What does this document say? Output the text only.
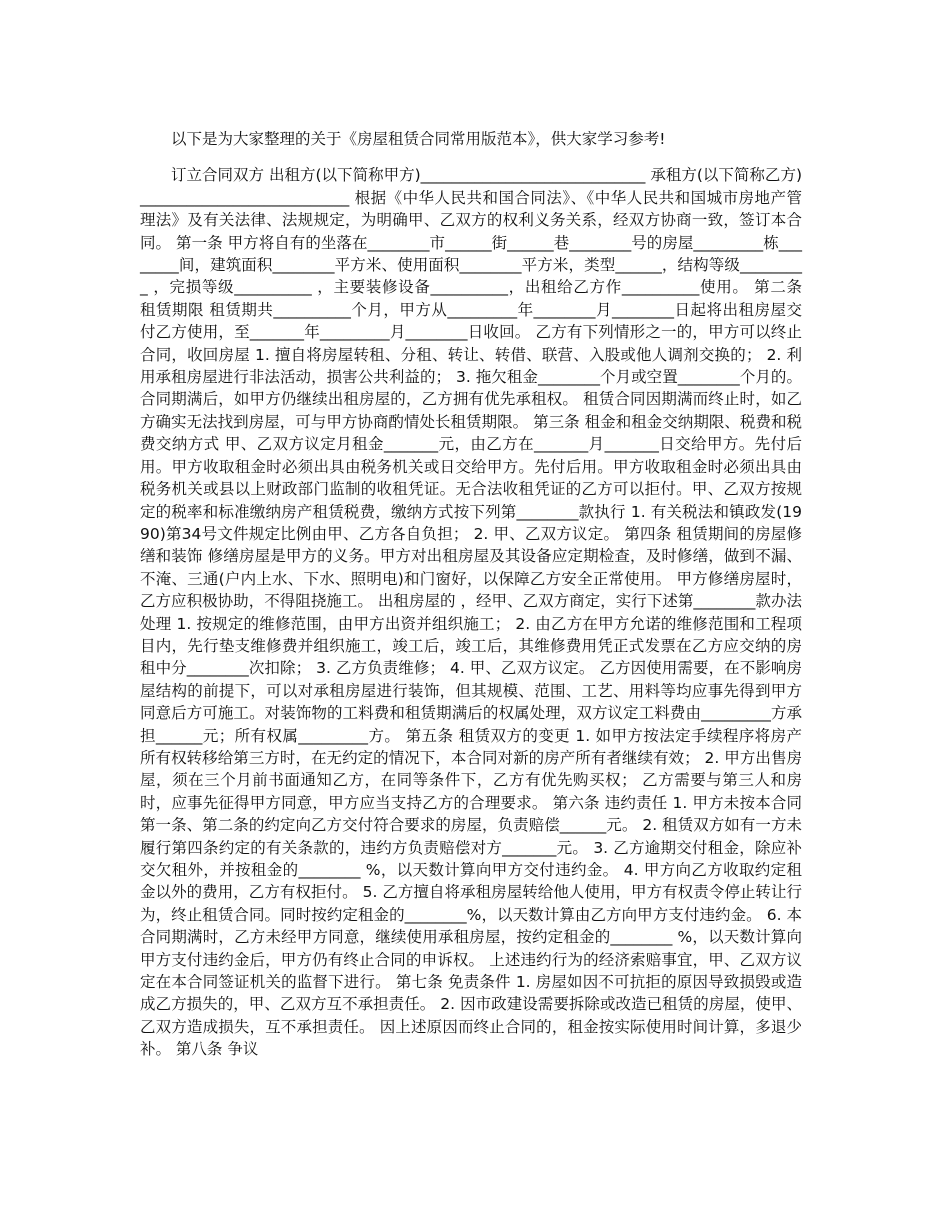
以下是为大家整理的关于《房屋租赁合同常用版范本》，供大家学习参考!

订立合同双方 出租方(以下简称甲方)_____________________________ 承租方(以下简称乙方)___________________________ 根据《中华人民共和国合同法》、《中华人民共和国城市房地产管理法》及有关法律、法规规定，为明确甲、乙双方的权利义务关系，经双方协商一致，签订本合同。 第一条 甲方将自有的坐落在________市______街______巷________号的房屋_________栋________间，建筑面积________平方米、使用面积________平方米，类型______，结构等级_________ ，完损等级__________ ，主要装修设备__________，出租给乙方作__________使用。 第二条 租赁期限 租赁期共__________个月，甲方从_________年________月________日起将出租房屋交付乙方使用，至_______年_________月________日收回。 乙方有下列情形之一的，甲方可以终止合同，收回房屋 1. 擅自将房屋转租、分租、转让、转借、联营、入股或他人调剂交换的； 2. 利用承租房屋进行非法活动，损害公共利益的； 3. 拖欠租金________个月或空置________个月的。 合同期满后，如甲方仍继续出租房屋的，乙方拥有优先承租权。 租赁合同因期满而终止时，如乙方确实无法找到房屋，可与甲方协商酌情处长租赁期限。 第三条 租金和租金交纳期限、税费和税费交纳方式 甲、乙双方议定月租金_______元，由乙方在_______月_______日交给甲方。先付后用。甲方收取租金时必须出具由税务机关或日交给甲方。先付后用。甲方收取租金时必须出具由税务机关或县以上财政部门监制的收租凭证。无合法收租凭证的乙方可以拒付。甲、乙双方按规定的税率和标准缴纳房产租赁税费，缴纳方式按下列第________款执行 1. 有关税法和镇政发(1990)第34号文件规定比例由甲、乙方各自负担； 2. 甲、乙双方议定。 第四条 租赁期间的房屋修缮和装饰 修缮房屋是甲方的义务。甲方对出租房屋及其设备应定期检查，及时修缮，做到不漏、不淹、三通(户内上水、下水、照明电)和门窗好，以保障乙方安全正常使用。 甲方修缮房屋时，乙方应积极协助，不得阻挠施工。 出租房屋的 ，经甲、乙双方商定，实行下述第________款办法处理 1. 按规定的维修范围，由甲方出资并组织施工； 2. 由乙方在甲方允诺的维修范围和工程项目内，先行垫支维修费并组织施工，竣工后，竣工后，其维修费用凭正式发票在乙方应交纳的房租中分________次扣除； 3. 乙方负责维修； 4. 甲、乙双方议定。 乙方因使用需要，在不影响房屋结构的前提下，可以对承租房屋进行装饰，但其规模、范围、工艺、用料等均应事先得到甲方同意后方可施工。对装饰物的工料费和租赁期满后的权属处理，双方议定工料费由_________方承担______元；所有权属_________方。 第五条 租赁双方的变更 1. 如甲方按法定手续程序将房产所有权转移给第三方时，在无约定的情况下，本合同对新的房产所有者继续有效； 2. 甲方出售房屋，须在三个月前书面通知乙方，在同等条件下，乙方有优先购买权； 乙方需要与第三人和房时，应事先征得甲方同意，甲方应当支持乙方的合理要求。 第六条 违约责任 1. 甲方未按本合同第一条、第二条的约定向乙方交付符合要求的房屋，负责赔偿______元。 2. 租赁双方如有一方未履行第四条约定的有关条款的，违约方负责赔偿对方_______元。 3. 乙方逾期交付租金，除应补交欠租外，并按租金的________ %，以天数计算向甲方交付违约金。 4. 甲方向乙方收取约定租金以外的费用，乙方有权拒付。 5. 乙方擅自将承租房屋转给他人使用，甲方有权责令停止转让行为，终止租赁合同。同时按约定租金的________%，以天数计算由乙方向甲方支付违约金。 6. 本合同期满时，乙方未经甲方同意，继续使用承租房屋，按约定租金的________ %，以天数计算向甲方支付违约金后，甲方仍有终止合同的申诉权。 上述违约行为的经济索赔事宜，甲、乙双方议定在本合同签证机关的监督下进行。 第七条 免责条件 1. 房屋如因不可抗拒的原因导致损毁或造成乙方损失的，甲、乙双方互不承担责任。 2. 因市政建设需要拆除或改造已租赁的房屋，使甲、乙双方造成损失，互不承担责任。 因上述原因而终止合同的，租金按实际使用时间计算，多退少补。 第八条 争议
